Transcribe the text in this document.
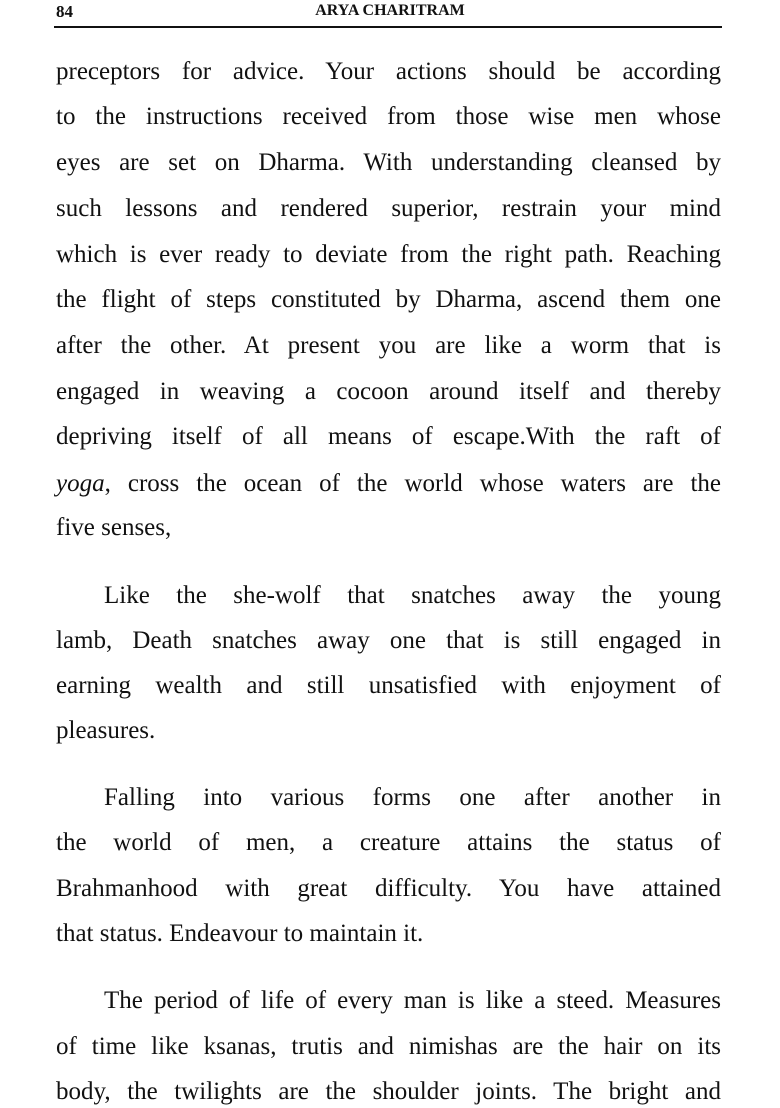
84	ARYA CHARITRAM
preceptors for advice. Your actions should be according
to the instructions received from those wise men whose
eyes are set on Dharma. With understanding cleansed by
such lessons and rendered superior, restrain your mind
which is ever ready to deviate from the right path. Reaching
the flight of steps constituted by Dharma, ascend them one
after the other. At present you are like a worm that is
engaged in weaving a cocoon around itself and thereby
depriving itself of all means of escape.With the raft of
yoga, cross the ocean of the world whose waters are the
five senses,
Like the she-wolf that snatches away the young
lamb, Death snatches away one that is still engaged in
earning wealth and still unsatisfied with enjoyment of
pleasures.
Falling into various forms one after another in
the world of men, a creature attains the status of
Brahmanhood with great difficulty. You have attained
that status. Endeavour to maintain it.
The period of life of every man is like a steed. Measures
of time like ksanas, trutis and nimishas are the hair on its
body, the twilights are the shoulder joints. The bright and
